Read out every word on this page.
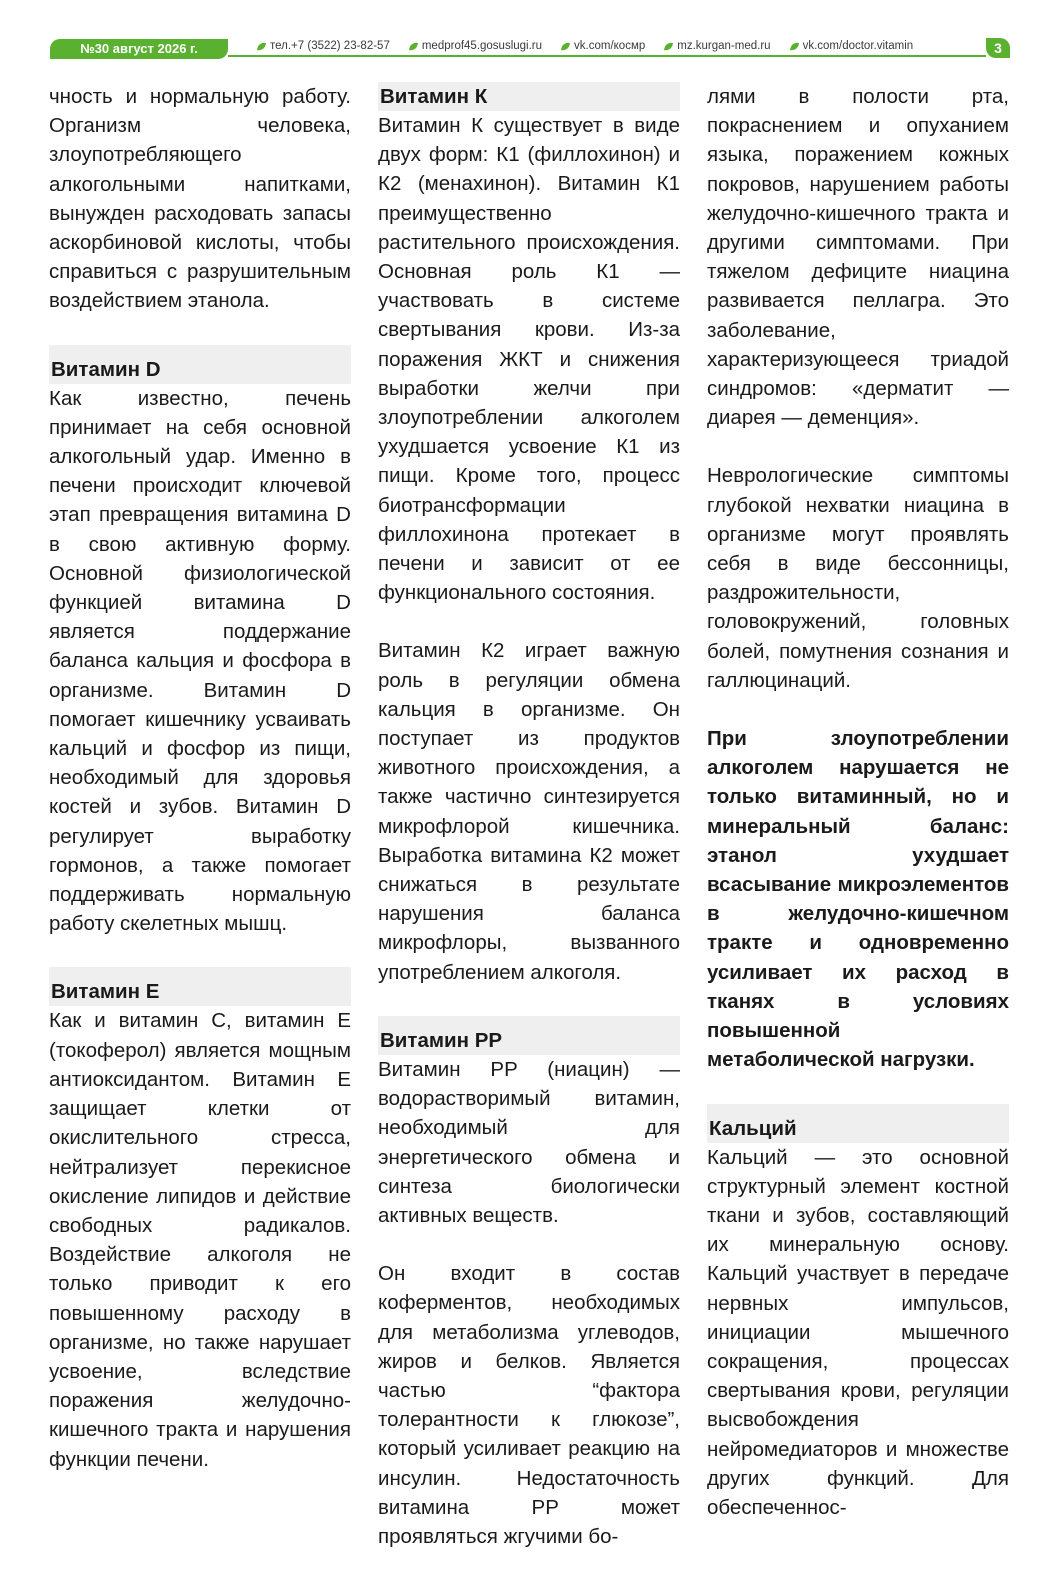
№30 август 2026 г.	тел.+7 (3522) 23-82-57	medprof45.gosuslugi.ru	vk.com/космр	mz.kurgan-med.ru	vk.com/doctor.vitamin	3

чность и нормальную работу. Организм человека, злоупотребляющего алкогольными напитками, вынужден расходовать запасы аскорбиновой кислоты, чтобы справиться с разрушительным воздействием этанола.

Витамин D

Как известно, печень принимает на себя основной алкогольный удар. Именно в печени происходит ключевой этап превращения витамина D в свою активную форму. Основной физиологической функцией витамина D является поддержание баланса кальция и фосфора в организме. Витамин D помогает кишечнику усваивать кальций и фосфор из пищи, необходимый для здоровья костей и зубов. Витамин D регулирует выработку гормонов, а также помогает поддерживать нормальную работу скелетных мышц.

Витамин E

Как и витамин C, витамин E (токоферол) является мощным антиоксидантом. Витамин E защищает клетки от окислительного стресса, нейтрализует перекисное окисление липидов и действие свободных радикалов. Воздействие алкоголя не только приводит к его повышенному расходу в организме, но также нарушает усвоение, вследствие поражения желудочно-кишечного тракта и нарушения функции печени.

Витамин К

Витамин К существует в виде двух форм: К1 (филлохинон) и К2 (менахинон). Витамин К1 преимущественно растительного происхождения. Основная роль К1 — участвовать в системе свертывания крови. Из-за поражения ЖКТ и снижения выработки желчи при злоупотреблении алкоголем ухудшается усвоение К1 из пищи. Кроме того, процесс биотрансформации филлохинона протекает в печени и зависит от ее функционального состояния.

Витамин К2 играет важную роль в регуляции обмена кальция в организме. Он поступает из продуктов животного происхождения, а также частично синтезируется микрофлорой кишечника. Выработка витамина К2 может снижаться в результате нарушения баланса микрофлоры, вызванного употреблением алкоголя.

Витамин PP

Витамин PP (ниацин) — водорастворимый витамин, необходимый для энергетического обмена и синтеза биологически активных веществ.

Он входит в состав коферментов, необходимых для метаболизма углеводов, жиров и белков. Является частью “фактора толерантности к глюкозе”, который усиливает реакцию на инсулин. Недостаточность витамина PP может проявляться жгучими бо-

лями в полости рта, покраснением и опуханием языка, поражением кожных покровов, нарушением работы желудочно-кишечного тракта и другими симптомами. При тяжелом дефиците ниацина развивается пеллагра. Это заболевание, характеризующееся триадой синдромов: «дерматит — диарея — деменция».

Неврологические симптомы глубокой нехватки ниацина в организме могут проявлять себя в виде бессонницы, раздрожительности, головокружений, головных болей, помутнения сознания и галлюцинаций.

При злоупотреблении алкоголем нарушается не только витаминный, но и минеральный баланс: этанол ухудшает всасывание микроэлементов в желудочно-кишечном тракте и одновременно усиливает их расход в тканях в условиях повышенной метаболической нагрузки.

Кальций

Кальций — это основной структурный элемент костной ткани и зубов, составляющий их минеральную основу. Кальций участвует в передаче нервных импульсов, инициации мышечного сокращения, процессах свертывания крови, регуляции высвобождения нейромедиаторов и множестве других функций. Для обеспеченнос-
